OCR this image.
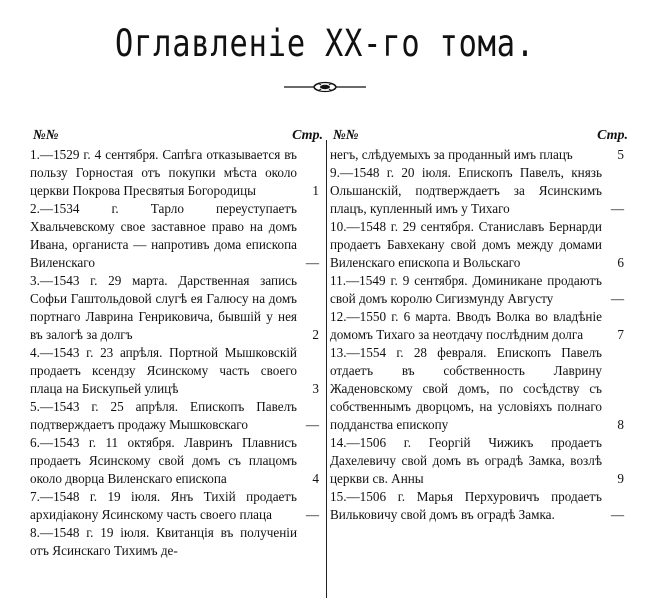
Оглавленіе XX-го тома.
№№	Стр.
1.—1529 г. 4 сентября. Сапѣга отказывается въ пользу Горностая отъ покупки мѣста около церкви Покрова Пресвятыя Богородицы	1
2.—1534 г. Тарло переуступаетъ Хвальчевскому свое заставное право на домъ Ивана, органиста — напротивъ дома епископа Виленскаго	—
3.—1543 г. 29 марта. Дарственная запись Софьи Гаштольдовой слугѣ ея Галюсу на домъ портнаго Лаврина Генриковича, бывшій у нея въ залогѣ за долгъ	2
4.—1543 г. 23 апрѣля. Портной Мышковскій продаетъ ксендзу Ясинскому часть своего плаца на Бискупьей улицѣ	3
5.—1543 г. 25 апрѣля. Епископъ Павелъ подтверждаетъ продажу Мышковскаго	—
6.—1543 г. 11 октября. Лавринъ Плавнисъ продаетъ Ясинскому свой домъ съ плацомъ около дворца Виленскаго епископа	4
7.—1548 г. 19 іюля. Янъ Тихій продаетъ архидіакону Ясинскому часть своего плаца	—
8.—1548 г. 19 іюля. Квитанція въ полученіи отъ Ясинскаго Тихимъ де-
№№	Стр.
негъ, слѣдуемыхъ за проданный имъ плацъ	5
9.—1548 г. 20 іюля. Епископъ Павелъ, князь Ольшанскій, подтверждаетъ за Ясинскимъ плацъ, купленный имъ у Тихаго	—
10.—1548 г. 29 сентября. Станиславъ Бернарди продаетъ Бавхекану свой домъ между домами Виленскаго епископа и Вольскаго	6
11.—1549 г. 9 сентября. Доминикане продаютъ свой домъ королю Сигизмунду Августу	—
12.—1550 г. 6 марта. Вводъ Волка во владѣніе домомъ Тихаго за неотдачу послѣдним долга	7
13.—1554 г. 28 февраля. Епископъ Павелъ отдаетъ въ собственность Лаврину Жаденовскому свой домъ, по сосѣдству съ собственнымъ дворцомъ, на условіяхъ полнаго подданства епископу	8
14.—1506 г. Георгій Чижикъ продаетъ Дахелевичу свой домъ въ оградѣ Замка, возлѣ церкви св. Анны	9
15.—1506 г. Марья Перхуровичъ продаетъ Вильковичу свой домъ въ оградѣ Замка.	—
